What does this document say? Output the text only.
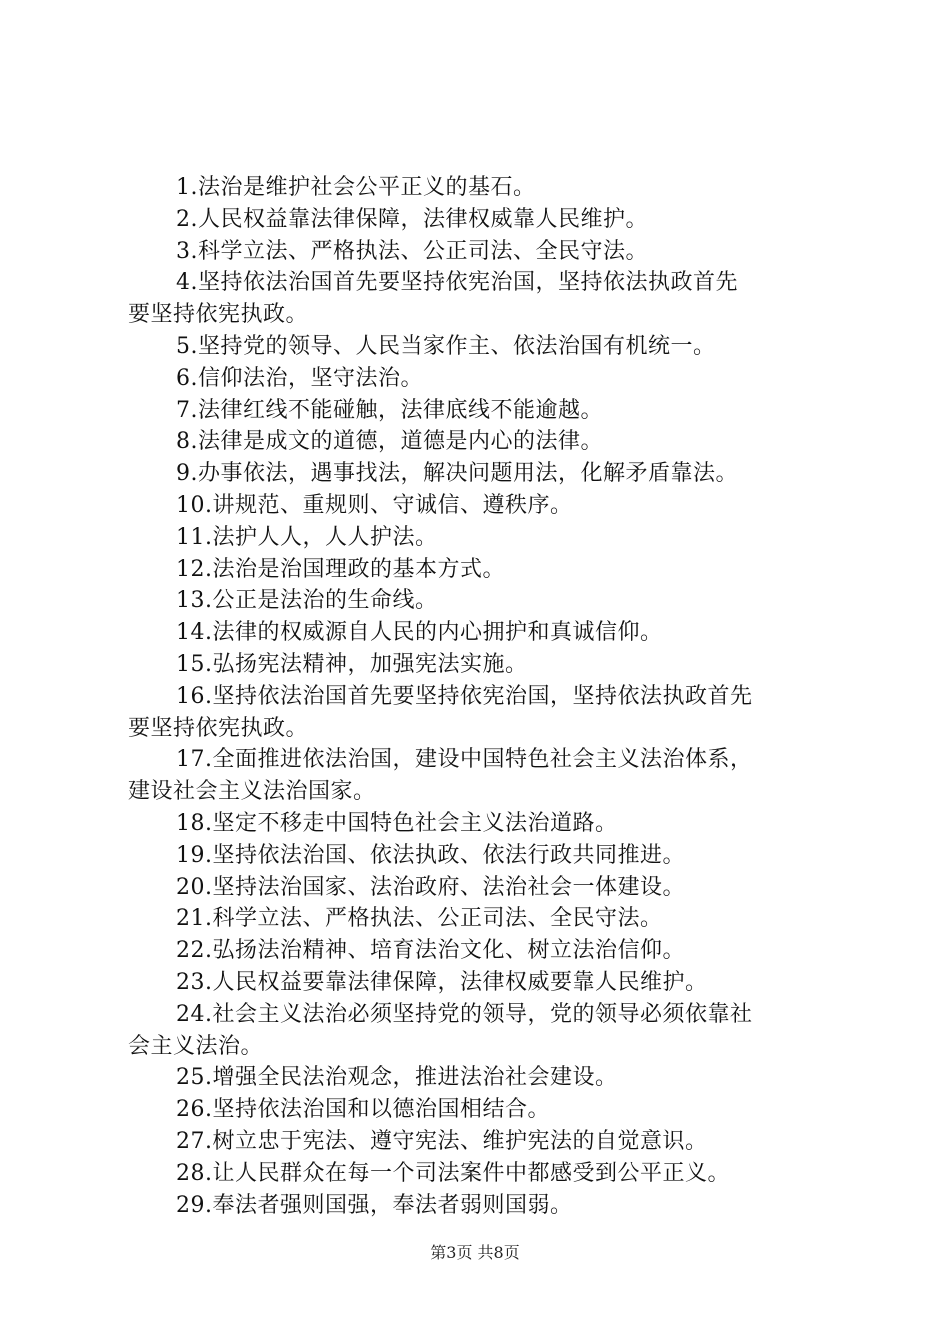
1.法治是维护社会公平正义的基石。
2.人民权益靠法律保障，法律权威靠人民维护。
3.科学立法、严格执法、公正司法、全民守法。
4.坚持依法治国首先要坚持依宪治国，坚持依法执政首先
要坚持依宪执政。
5.坚持党的领导、人民当家作主、依法治国有机统一。
6.信仰法治，坚守法治。
7.法律红线不能碰触，法律底线不能逾越。
8.法律是成文的道德，道德是内心的法律。
9.办事依法，遇事找法，解决问题用法，化解矛盾靠法。
10.讲规范、重规则、守诚信、遵秩序。
11.法护人人，人人护法。
12.法治是治国理政的基本方式。
13.公正是法治的生命线。
14.法律的权威源自人民的内心拥护和真诚信仰。
15.弘扬宪法精神，加强宪法实施。
16.坚持依法治国首先要坚持依宪治国，坚持依法执政首先
要坚持依宪执政。
17.全面推进依法治国，建设中国特色社会主义法治体系，
建设社会主义法治国家。
18.坚定不移走中国特色社会主义法治道路。
19.坚持依法治国、依法执政、依法行政共同推进。
20.坚持法治国家、法治政府、法治社会一体建设。
21.科学立法、严格执法、公正司法、全民守法。
22.弘扬法治精神、培育法治文化、树立法治信仰。
23.人民权益要靠法律保障，法律权威要靠人民维护。
24.社会主义法治必须坚持党的领导，党的领导必须依靠社
会主义法治。
25.增强全民法治观念，推进法治社会建设。
26.坚持依法治国和以德治国相结合。
27.树立忠于宪法、遵守宪法、维护宪法的自觉意识。
28.让人民群众在每一个司法案件中都感受到公平正义。
29.奉法者强则国强，奉法者弱则国弱。
第3页 共8页
